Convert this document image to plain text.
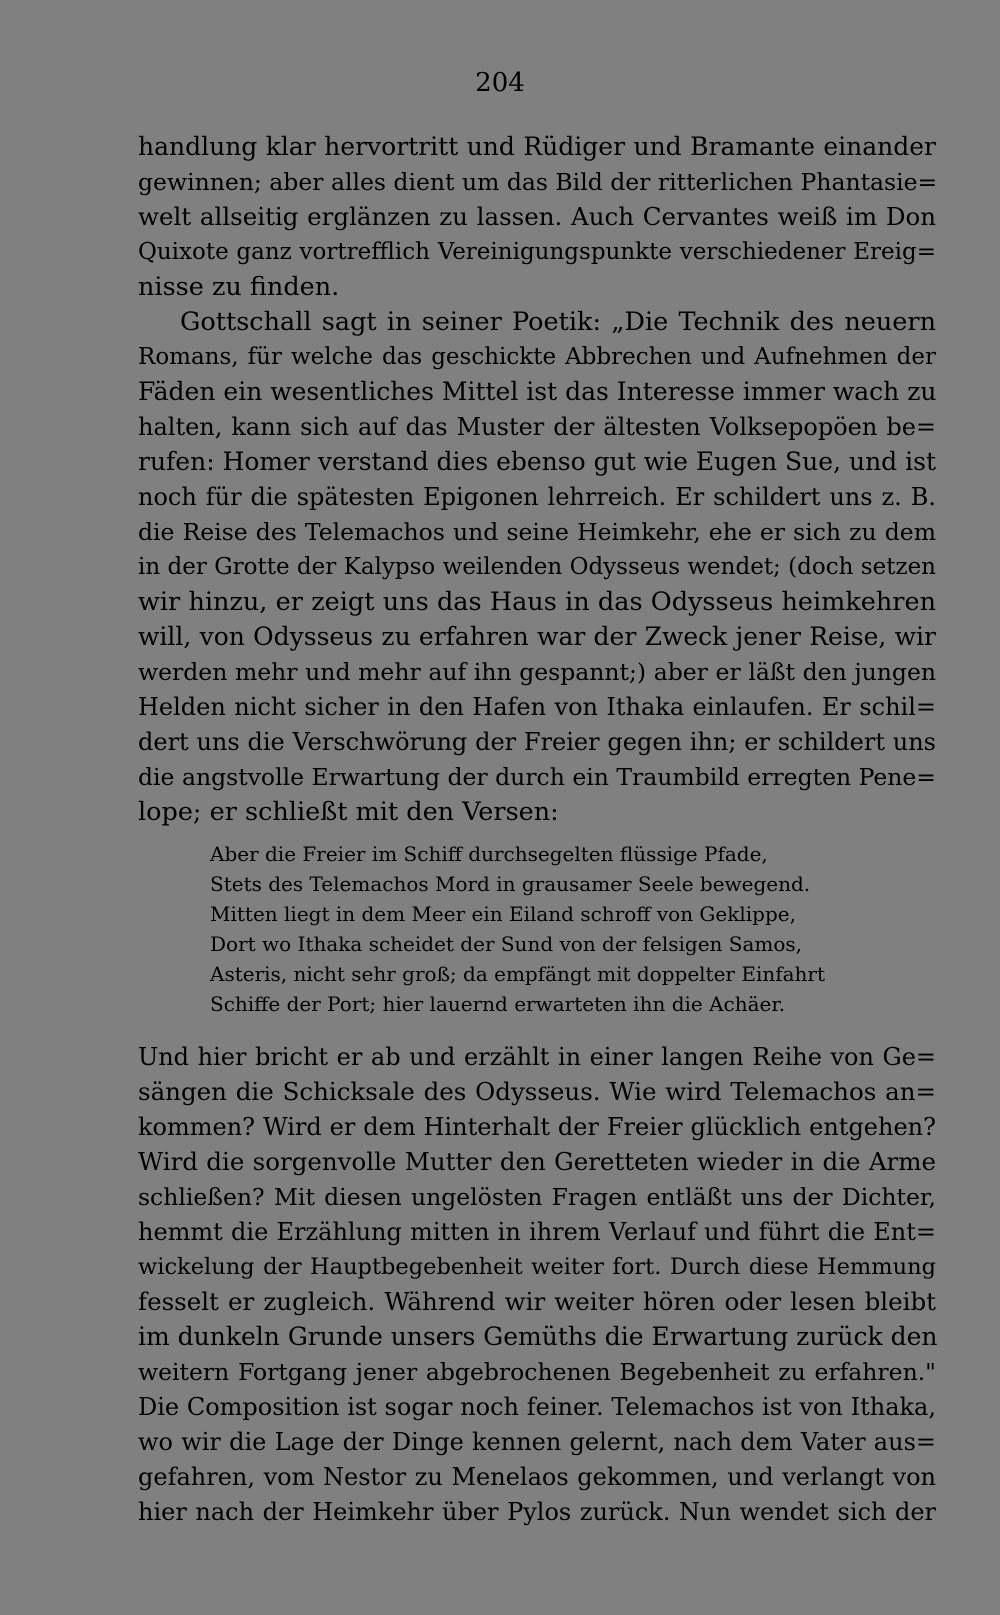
204
handlung klar hervortritt und Rüdiger und Bramante einander
gewinnen; aber alles dient um das Bild der ritterlichen Phantasie=
welt allseitig erglänzen zu lassen. Auch Cervantes weiß im Don
Quixote ganz vortrefflich Vereinigungspunkte verschiedener Ereig=
nisse zu finden.
Gottschall sagt in seiner Poetik: „Die Technik des neuern
Romans, für welche das geschickte Abbrechen und Aufnehmen der
Fäden ein wesentliches Mittel ist das Interesse immer wach zu
halten, kann sich auf das Muster der ältesten Volksepopöen be=
rufen: Homer verstand dies ebenso gut wie Eugen Sue, und ist
noch für die spätesten Epigonen lehrreich. Er schildert uns z. B.
die Reise des Telemachos und seine Heimkehr, ehe er sich zu dem
in der Grotte der Kalypso weilenden Odysseus wendet; (doch setzen
wir hinzu, er zeigt uns das Haus in das Odysseus heimkehren
will, von Odysseus zu erfahren war der Zweck jener Reise, wir
werden mehr und mehr auf ihn gespannt;) aber er läßt den jungen
Helden nicht sicher in den Hafen von Ithaka einlaufen. Er schil=
dert uns die Verschwörung der Freier gegen ihn; er schildert uns
die angstvolle Erwartung der durch ein Traumbild erregten Pene=
lope; er schließt mit den Versen:
Aber die Freier im Schiff durchsegelten flüssige Pfade,
Stets des Telemachos Mord in grausamer Seele bewegend.
Mitten liegt in dem Meer ein Eiland schroff von Geklippe,
Dort wo Ithaka scheidet der Sund von der felsigen Samos,
Asteris, nicht sehr groß; da empfängt mit doppelter Einfahrt
Schiffe der Port; hier lauernd erwarteten ihn die Achäer.
Und hier bricht er ab und erzählt in einer langen Reihe von Ge=
sängen die Schicksale des Odysseus. Wie wird Telemachos an=
kommen? Wird er dem Hinterhalt der Freier glücklich entgehen?
Wird die sorgenvolle Mutter den Geretteten wieder in die Arme
schließen? Mit diesen ungelösten Fragen entläßt uns der Dichter,
hemmt die Erzählung mitten in ihrem Verlauf und führt die Ent=
wickelung der Hauptbegebenheit weiter fort. Durch diese Hemmung
fesselt er zugleich. Während wir weiter hören oder lesen bleibt
im dunkeln Grunde unsers Gemüths die Erwartung zurück den
weitern Fortgang jener abgebrochenen Begebenheit zu erfahren."
Die Composition ist sogar noch feiner. Telemachos ist von Ithaka,
wo wir die Lage der Dinge kennen gelernt, nach dem Vater aus=
gefahren, vom Nestor zu Menelaos gekommen, und verlangt von
hier nach der Heimkehr über Pylos zurück. Nun wendet sich der
